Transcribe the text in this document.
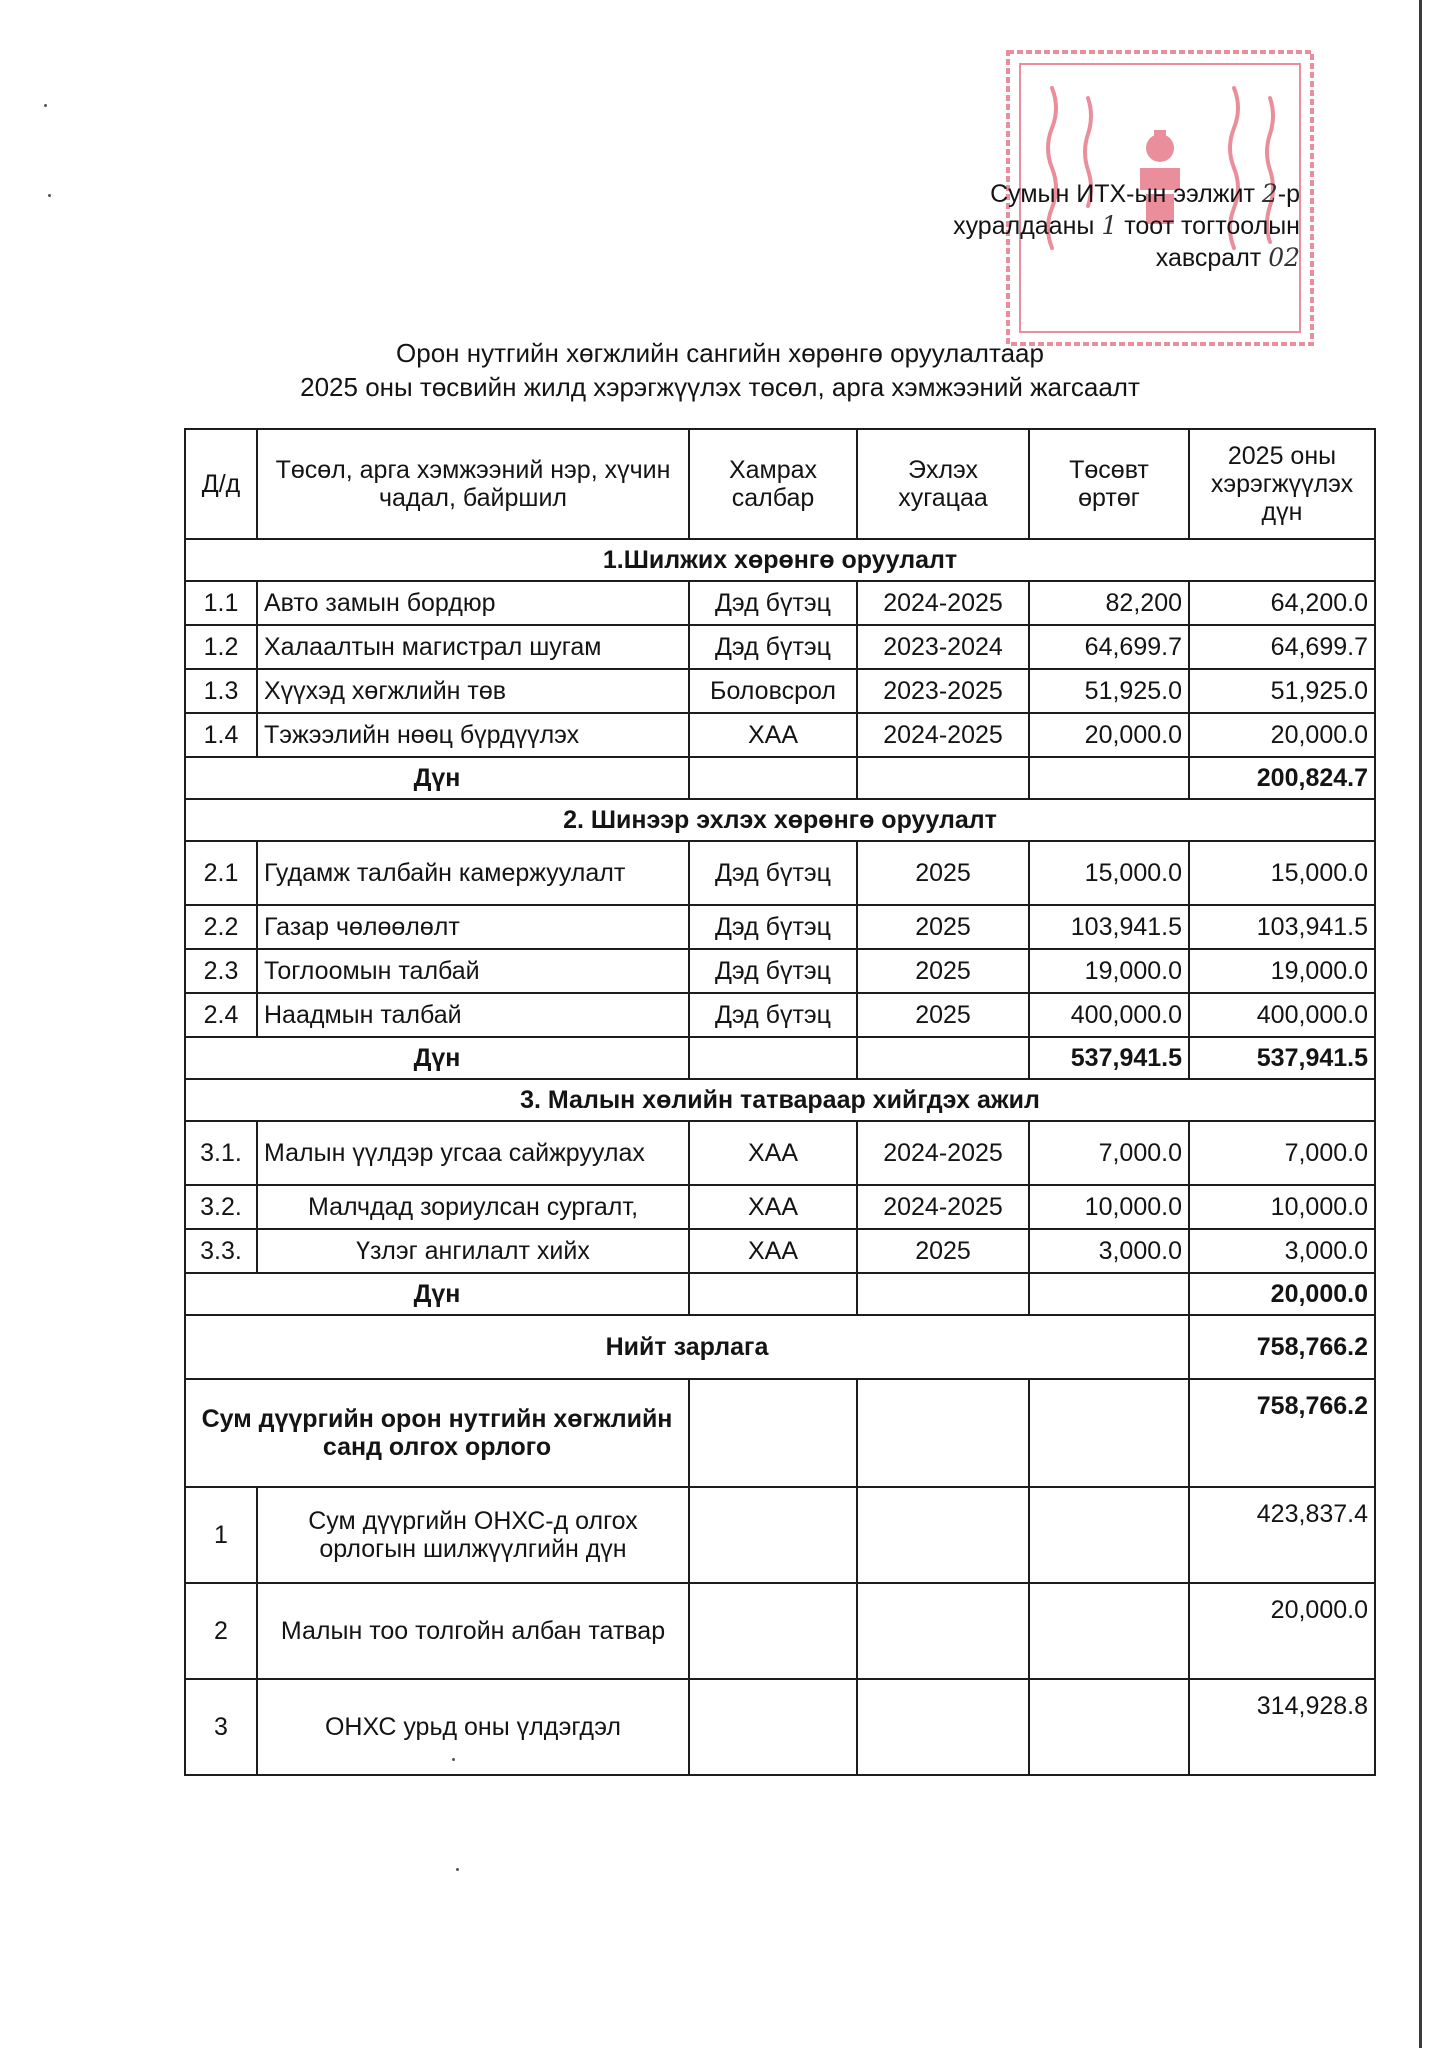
Сумын ИТХ-ын ээлжит 2-р
хуралдааны 1 тоот тогтоолын
хавсралт 02
Орон нутгийн хөгжлийн сангийн хөрөнгө оруулалтаар
2025 оны төсвийн жилд хэрэгжүүлэх төсөл, арга хэмжээний жагсаалт
Д/д	Төсөл, арга хэмжээний нэр, хүчин чадал, байршил	Хамрах салбар	Эхлэх хугацаа	Төсөвт өртөг	2025 оны хэрэгжүүлэх дүн
1.Шилжих хөрөнгө оруулалт					
1.1	Авто замын бордюр	Дэд бүтэц	2024-2025	82,200	64,200.0
1.2	Халаалтын магистрал шугам	Дэд бүтэц	2023-2024	64,699.7	64,699.7
1.3	Хүүхэд хөгжлийн төв	Боловсрол	2023-2025	51,925.0	51,925.0
1.4	Тэжээлийн нөөц бүрдүүлэх	ХАА	2024-2025	20,000.0	20,000.0
Дүн					200,824.7
2. Шинээр эхлэх хөрөнгө оруулалт					
2.1	Гудамж талбайн камержуулалт	Дэд бүтэц	2025	15,000.0	15,000.0
2.2	Газар чөлөөлөлт	Дэд бүтэц	2025	103,941.5	103,941.5
2.3	Тоглоомын талбай	Дэд бүтэц	2025	19,000.0	19,000.0
2.4	Наадмын талбай	Дэд бүтэц	2025	400,000.0	400,000.0
Дүн				537,941.5	537,941.5
3. Малын хөлийн татвараар хийгдэх ажил					
3.1.	Малын үүлдэр угсаа сайжруулах	ХАА	2024-2025	7,000.0	7,000.0
3.2.	Малчдад зориулсан сургалт,	ХАА	2024-2025	10,000.0	10,000.0
3.3.	Үзлэг ангилалт хийх	ХАА	2025	3,000.0	3,000.0
Дүн					20,000.0
Нийт зарлага					758,766.2
Сум дүүргийн орон нутгийн хөгжлийн санд олгох орлого					758,766.2
1	Сум дүүргийн ОНХС-д олгох орлогын шилжүүлгийн дүн				423,837.4
2	Малын тоо толгойн албан татвар				20,000.0
3	ОНХС урьд оны үлдэгдэл				314,928.8
